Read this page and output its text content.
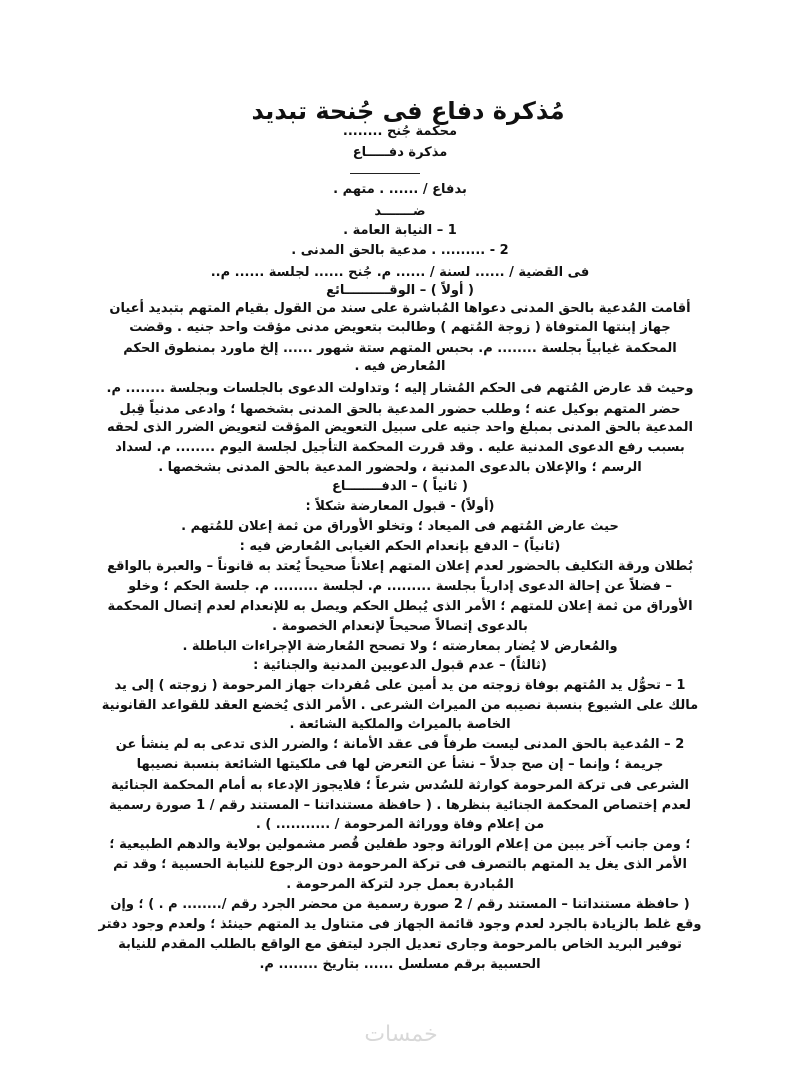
مُذكرة دفاع فى جُنحة تبديد
محكمة جُنح ........
مذكرة دفـــــاع
بدفاع / ...... . متهم .
ضـــــــد
1 – النيابة العامة .
2 - ......... . مدعية بالحق المدنى .
فى القضية / ...... لسنة / ...... م. جُنح ...... لجلسة ...... م..
( أولاً ) – الوقــــــــــائع
أقامت المُدعية بالحق المدنى دعواها المُباشرة على سند من القول بقيام المتهم بتبديد أعيان
جهاز إبنتها المتوفاة ( زوجة المُتهم ) وطالبت بتعويض مدنى مؤقت واحد جنيه . وقضت
المحكمة غيابياً بجلسة ........ م. بحبس المتهم ستة شهور ...... إلخ ماورد بمنطوق الحكم
المُعارض فيه .
وحيث قد عارض المُتهم فى الحكم المُشار إليه ؛ وتداولت الدعوى بالجلسات وبجلسة ........ م.
حضر المتهم بوكيل عنه ؛ وطلب حضور المدعية بالحق المدنى بشخصها ؛ وادعى مدنياً قِبل
المدعية بالحق المدنى بمبلغ واحد جنيه على سبيل التعويض المؤقت لتعويض الضرر الذى لحقه
بسبب رفع الدعوى المدنية عليه . وقد قررت المحكمة التأجيل لجلسة اليوم ........ م. لسداد
الرسم ؛ والإعلان بالدعوى المدنية ، ولحضور المدعية بالحق المدنى بشخصها .
( ثانياً ) – الدفــــــــاع
(أولاً) - قبول المعارضة شكلاً :
حيث عارض المُتهم فى الميعاد ؛ وتخلو الأوراق من ثمة إعلان للمُتهم .
(ثانياً) – الدفع بإنعدام الحكم الغيابى المُعارض فيه :
بُطلان ورقة التكليف بالحضور لعدم إعلان المتهم إعلاناً صحيحاً يُعتد به قانوناً – والعبرة بالواقع
– فضلاً عن إحالة الدعوى إدارياً بجلسة ......... م. لجلسة ......... م. جلسة الحكم ؛ وخلو
الأوراق من ثمة إعلان للمتهم ؛ الأمر الذى يُبطل الحكم ويصل به للإنعدام لعدم إتصال المحكمة
بالدعوى إتصالاً صحيحاً لإنعدام الخصومة .
والمُعارض لا يُضار بمعارضته ؛ ولا تصحح المُعارضة الإجراءات الباطلة .
(ثالثاً) – عدم قبول الدعويين المدنية والجنائية :
1 – تحوُّل يد المُتهم بوفاة زوجته من يد أمين على مُفردات جهاز المرحومة ( زوجته ) إلى يد
مالك على الشيوع بنسبة نصيبه من الميراث الشرعى . الأمر الذى يُخضع العقد للقواعد القانونية
الخاصة بالميراث والملكية الشائعة .
2 – المُدعية بالحق المدنى ليست طرفاً فى عقد الأمانة ؛ والضرر الذى تدعى به لم ينشأ عن
جريمة ؛ وإنما – إن صح جدلاً – نشأ عن التعرض لها فى ملكيتها الشائعة بنسبة نصيبها
الشرعى فى تركة المرحومة كوارثة للسُدس شرعاً ؛ فلايجوز الإدعاء به أمام المحكمة الجنائية
لعدم إختصاص المحكمة الجنائية بنظرها . ( حافظة مستنداتنا – المستند رقم / 1 صورة رسمية
من إعلام وفاة ووراثة المرحومة / ........... ) .
؛ ومن جانب آخر يبين من إعلام الوراثة وجود طفلين قُصر مشمولين بولاية والدهم الطبيعية ؛
الأمر الذى يغل يد المتهم بالتصرف فى تركة المرحومة دون الرجوع للنيابة الحسبية ؛ وقد تم
المُبادرة بعمل جرد لتركة المرحومة .
( حافظة مستنداتنا – المستند رقم / 2 صورة رسمية من محضر الجرد رقم /........ م . ) ؛ وإن
وقع غلط بالزيادة بالجرد لعدم وجود قائمة الجهاز فى متناول يد المتهم حينئذ ؛ ولعدم وجود دفتر
توفير البريد الخاص بالمرحومة وجارى تعديل الجرد ليتفق مع الواقع بالطلب المقدم للنيابة
الحسبية برقم مسلسل ...... بتاريخ ........ م.
خمسات
